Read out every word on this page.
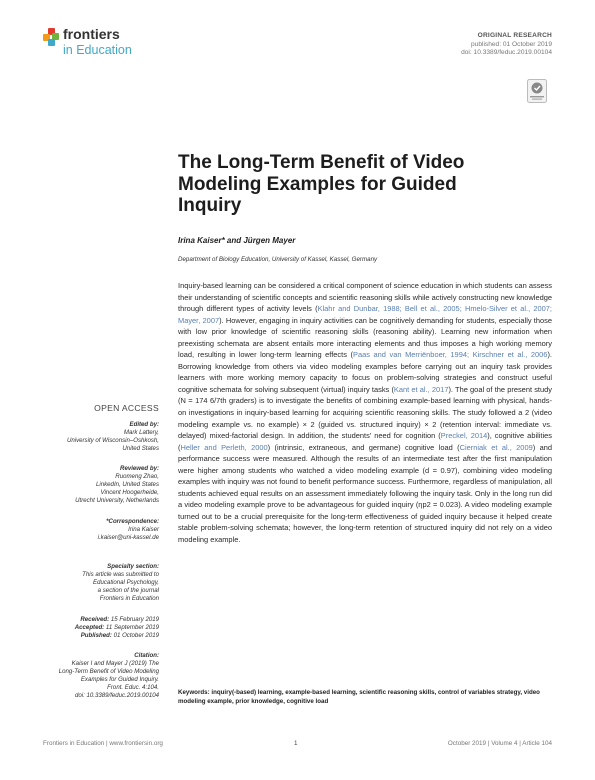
frontiers
in Education
ORIGINAL RESEARCH
published: 01 October 2019
doi: 10.3389/feduc.2019.00104
The Long-Term Benefit of Video Modeling Examples for Guided Inquiry
Irina Kaiser* and Jürgen Mayer
Department of Biology Education, University of Kassel, Kassel, Germany
Inquiry-based learning can be considered a critical component of science education in which students can assess their understanding of scientific concepts and scientific reasoning skills while actively constructing new knowledge through different types of activity levels (Klahr and Dunbar, 1988; Bell et al., 2005; Hmelo-Silver et al., 2007; Mayer, 2007). However, engaging in inquiry activities can be cognitively demanding for students, especially those with low prior knowledge of scientific reasoning skills (reasoning ability). Learning new information when preexisting schemata are absent entails more interacting elements and thus imposes a high working memory load, resulting in lower long-term learning effects (Paas and van Merriënboer, 1994; Kirschner et al., 2006). Borrowing knowledge from others via video modeling examples before carrying out an inquiry task provides learners with more working memory capacity to focus on problem-solving strategies and construct useful cognitive schemata for solving subsequent (virtual) inquiry tasks (Kant et al., 2017). The goal of the present study (N = 174 6/7th graders) is to investigate the benefits of combining example-based learning with physical, hands-on investigations in inquiry-based learning for acquiring scientific reasoning skills. The study followed a 2 (video modeling example vs. no example) × 2 (guided vs. structured inquiry) × 2 (retention interval: immediate vs. delayed) mixed-factorial design. In addition, the students' need for cognition (Preckel, 2014), cognitive abilities (Heller and Perleth, 2000) (intrinsic, extraneous, and germane) cognitive load (Cierniak et al., 2009) and performance success were measured. Although the results of an intermediate test after the first manipulation were higher among students who watched a video modeling example (d = 0.97), combining video modeling examples with inquiry was not found to benefit performance success. Furthermore, regardless of manipulation, all students achieved equal results on an assessment immediately following the inquiry task. Only in the long run did a video modeling example prove to be advantageous for guided inquiry (ηp2 = 0.023). A video modeling example turned out to be a crucial prerequisite for the long-term effectiveness of guided inquiry because it helped create stable problem-solving schemata; however, the long-term retention of structured inquiry did not rely on a video modeling example.
Keywords: inquiry(-based) learning, example-based learning, scientific reasoning skills, control of variables strategy, video modeling example, prior knowledge, cognitive load
OPEN ACCESS
Edited by:
Mark Lattery,
University of Wisconsin–Oshkosh,
United States
Reviewed by:
Ruomeng Zhao,
LinkedIn, United States
Vincent Hoogerheide,
Utrecht University, Netherlands
*Correspondence:
Irina Kaiser
i.kaiser@uni-kassel.de
Specialty section:
This article was submitted to
Educational Psychology,
a section of the journal
Frontiers in Education
Received: 15 February 2019
Accepted: 11 September 2019
Published: 01 October 2019
Citation:
Kaiser I and Mayer J (2019) The
Long-Term Benefit of Video Modeling
Examples for Guided Inquiry.
Front. Educ. 4:104.
doi: 10.3389/feduc.2019.00104
Frontiers in Education | www.frontiersin.org	1	October 2019 | Volume 4 | Article 104
